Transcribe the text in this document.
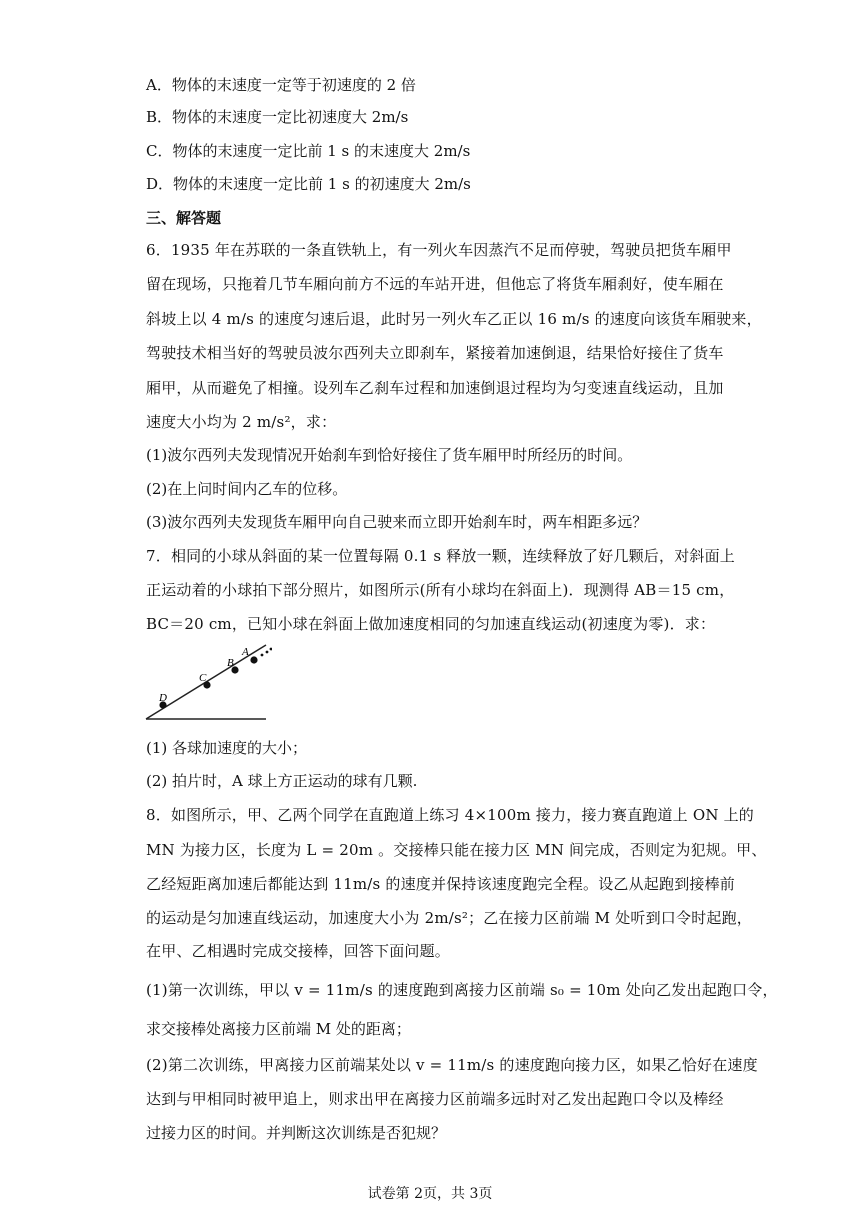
A．物体的末速度一定等于初速度的 2 倍
B．物体的末速度一定比初速度大 2m/s
C．物体的末速度一定比前 1 s 的末速度大 2m/s
D．物体的末速度一定比前 1 s 的初速度大 2m/s
三、解答题
6．1935 年在苏联的一条直铁轨上，有一列火车因蒸汽不足而停驶，驾驶员把货车厢甲
留在现场，只拖着几节车厢向前方不远的车站开进，但他忘了将货车厢刹好，使车厢在
斜坡上以 4 m/s 的速度匀速后退，此时另一列火车乙正以 16 m/s 的速度向该货车厢驶来，
驾驶技术相当好的驾驶员波尔西列夫立即刹车，紧接着加速倒退，结果恰好接住了货车
厢甲，从而避免了相撞。设列车乙刹车过程和加速倒退过程均为匀变速直线运动，且加
速度大小均为 2 m/s²，求：
(1)波尔西列夫发现情况开始刹车到恰好接住了货车厢甲时所经历的时间。
(2)在上问时间内乙车的位移。
(3)波尔西列夫发现货车厢甲向自己驶来而立即开始刹车时，两车相距多远？
7．相同的小球从斜面的某一位置每隔 0.1 s 释放一颗，连续释放了好几颗后，对斜面上
正运动着的小球拍下部分照片，如图所示(所有小球均在斜面上)．现测得 AB＝15 cm，
BC＝20 cm，已知小球在斜面上做加速度相同的匀加速直线运动(初速度为零)．求：
D
C
B
A
(1) 各球加速度的大小；
(2) 拍片时，A 球上方正运动的球有几颗.
8．如图所示，甲、乙两个同学在直跑道上练习 4×100m 接力，接力赛直跑道上 ON 上的
MN 为接力区，长度为 L = 20m 。交接棒只能在接力区 MN 间完成，否则定为犯规。甲、
乙经短距离加速后都能达到 11m/s 的速度并保持该速度跑完全程。设乙从起跑到接棒前
的运动是匀加速直线运动，加速度大小为 2m/s²；乙在接力区前端 M 处听到口令时起跑，
在甲、乙相遇时完成交接棒，回答下面问题。
(1)第一次训练，甲以 v = 11m/s 的速度跑到离接力区前端 s₀ = 10m 处向乙发出起跑口令，
求交接棒处离接力区前端 M 处的距离；
(2)第二次训练，甲离接力区前端某处以 v = 11m/s 的速度跑向接力区，如果乙恰好在速度
达到与甲相同时被甲追上，则求出甲在离接力区前端多远时对乙发出起跑口令以及棒经
过接力区的时间。并判断这次训练是否犯规？
试卷第 2页，共 3页
